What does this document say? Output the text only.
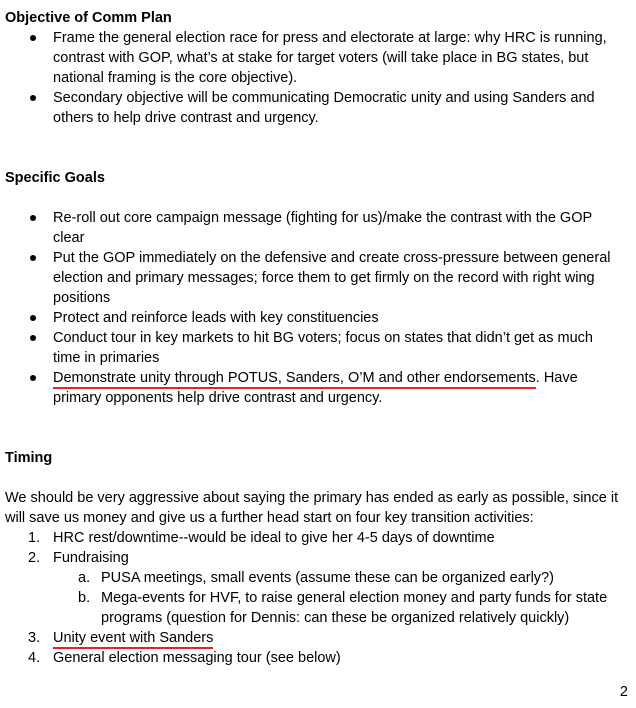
Objective of Comm Plan
Frame the general election race for press and electorate at large: why HRC is running, contrast with GOP, what’s at stake for target voters (will take place in BG states, but national framing is the core objective).
Secondary objective will be communicating Democratic unity and using Sanders and others to help drive contrast and urgency.
Specific Goals
Re-roll out core campaign message (fighting for us)/make the contrast with the GOP clear
Put the GOP immediately on the defensive and create cross-pressure between general election and primary messages; force them to get firmly on the record with right wing positions
Protect and reinforce leads with key constituencies
Conduct tour in key markets to hit BG voters; focus on states that didn’t get as much time in primaries
Demonstrate unity through POTUS, Sanders, O’M and other endorsements. Have primary opponents help drive contrast and urgency.
Timing
We should be very aggressive about saying the primary has ended as early as possible, since it will save us money and give us a further head start on four key transition activities:
1. HRC rest/downtime--would be ideal to give her 4-5 days of downtime
2. Fundraising
a. PUSA meetings, small events (assume these can be organized early?)
b. Mega-events for HVF, to raise general election money and party funds for state programs (question for Dennis: can these be organized relatively quickly)
3. Unity event with Sanders
4. General election messaging tour (see below)
2
